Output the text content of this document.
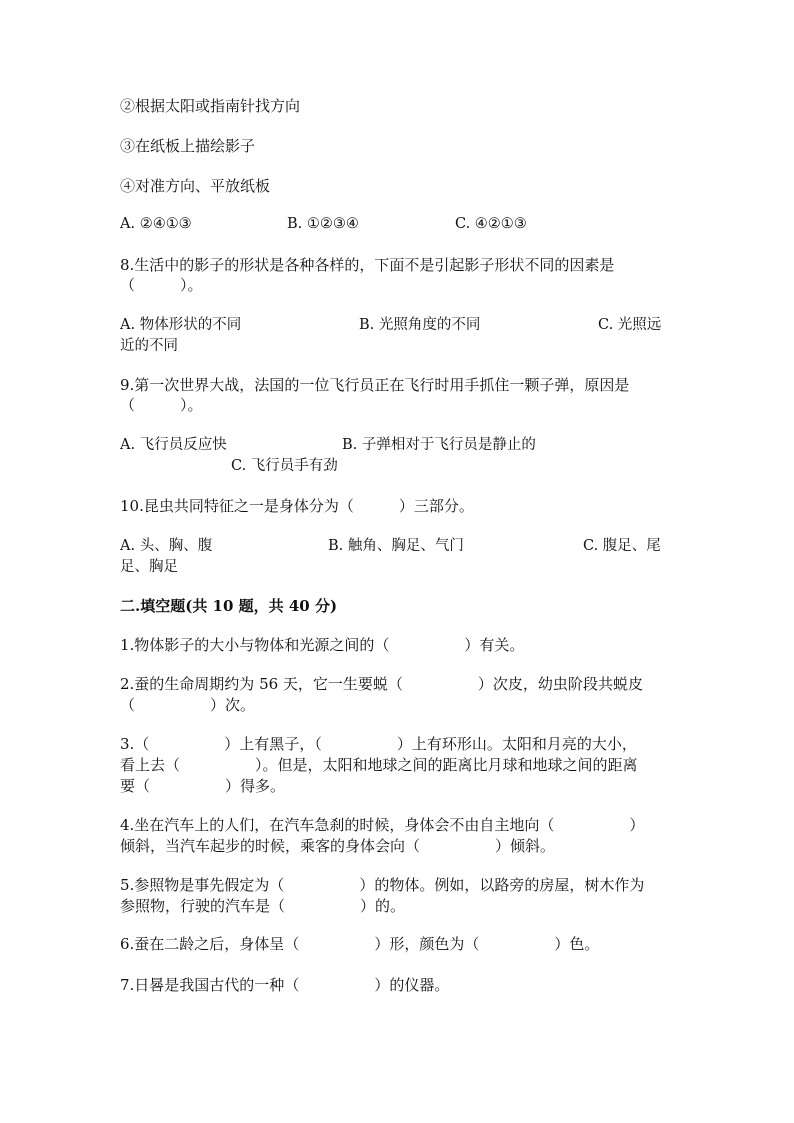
②根据太阳或指南针找方向
③在纸板上描绘影子
④对准方向、平放纸板
A. ②④①③	B. ①②③④	C. ④②①③
8.生活中的影子的形状是各种各样的，下面不是引起影子形状不同的因素是
（　　　）。
A. 物体形状的不同	B. 光照角度的不同	C. 光照远
近的不同
9.第一次世界大战，法国的一位飞行员正在飞行时用手抓住一颗子弹，原因是
（　　　）。
A. 飞行员反应快	B. 子弹相对于飞行员是静止的
C. 飞行员手有劲
10.昆虫共同特征之一是身体分为（　　　）三部分。
A. 头、胸、腹	B. 触角、胸足、气门	C. 腹足、尾
足、胸足
二.填空题(共 10 题，共 40 分)
1.物体影子的大小与物体和光源之间的（　　　　　）有关。
2.蚕的生命周期约为 56 天，它一生要蜕（　　　　　）次皮，幼虫阶段共蜕皮
（　　　　　）次。
3.（　　　　　）上有黑子，（　　　　　）上有环形山。太阳和月亮的大小，
看上去（　　　　　）。但是，太阳和地球之间的距离比月球和地球之间的距离
要（　　　　　）得多。
4.坐在汽车上的人们，在汽车急刹的时候，身体会不由自主地向（　　　　　）
倾斜，当汽车起步的时候，乘客的身体会向（　　　　　）倾斜。
5.参照物是事先假定为（　　　　　）的物体。例如，以路旁的房屋，树木作为
参照物，行驶的汽车是（　　　　　）的。
6.蚕在二龄之后，身体呈（　　　　　）形，颜色为（　　　　　）色。
7.日晷是我国古代的一种（　　　　　）的仪器。
